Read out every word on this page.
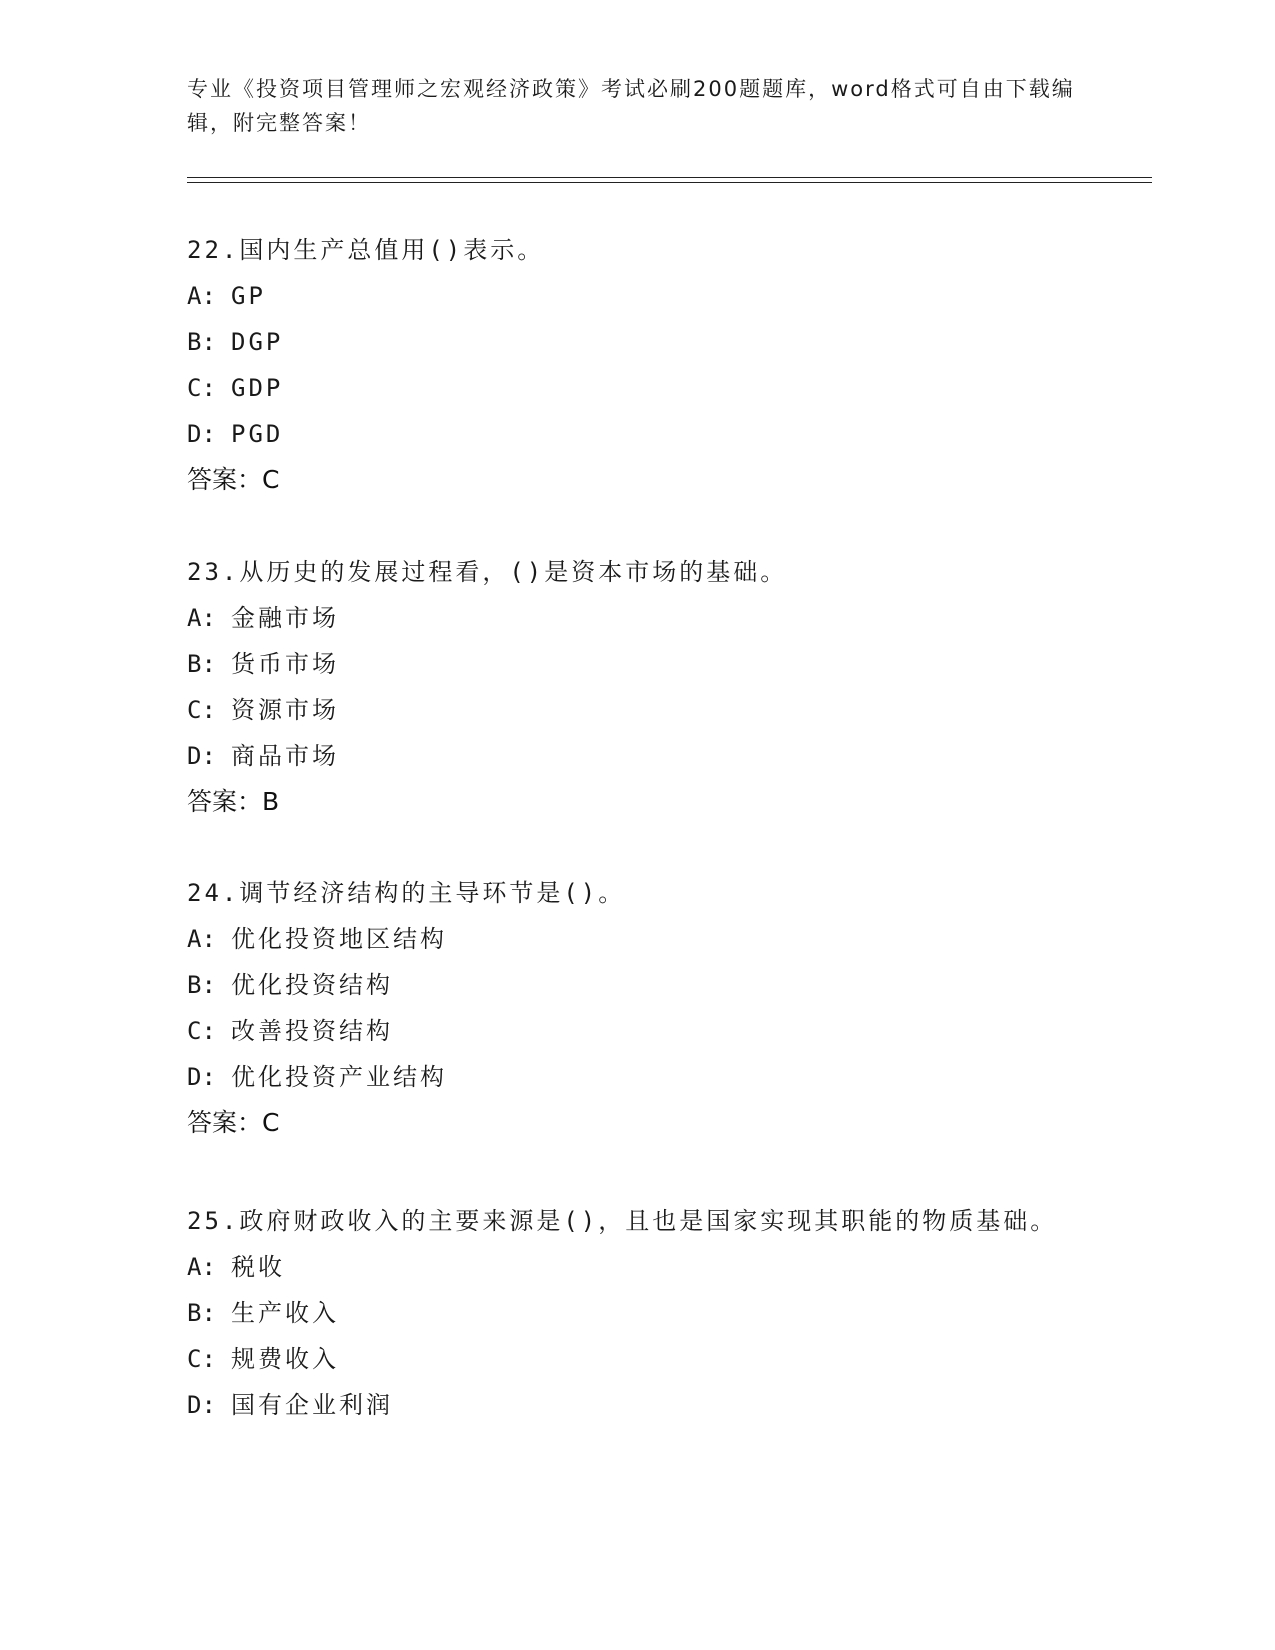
专业《投资项目管理师之宏观经济政策》考试必刷200题题库，word格式可自由下载编辑，附完整答案！
22.国内生产总值用()表示。
A: GP
B: DGP
C: GDP
D: PGD
答案：C
23.从历史的发展过程看，()是资本市场的基础。
A: 金融市场
B: 货币市场
C: 资源市场
D: 商品市场
答案：B
24.调节经济结构的主导环节是()。
A: 优化投资地区结构
B: 优化投资结构
C: 改善投资结构
D: 优化投资产业结构
答案：C
25.政府财政收入的主要来源是()，且也是国家实现其职能的物质基础。
A: 税收
B: 生产收入
C: 规费收入
D: 国有企业利润
